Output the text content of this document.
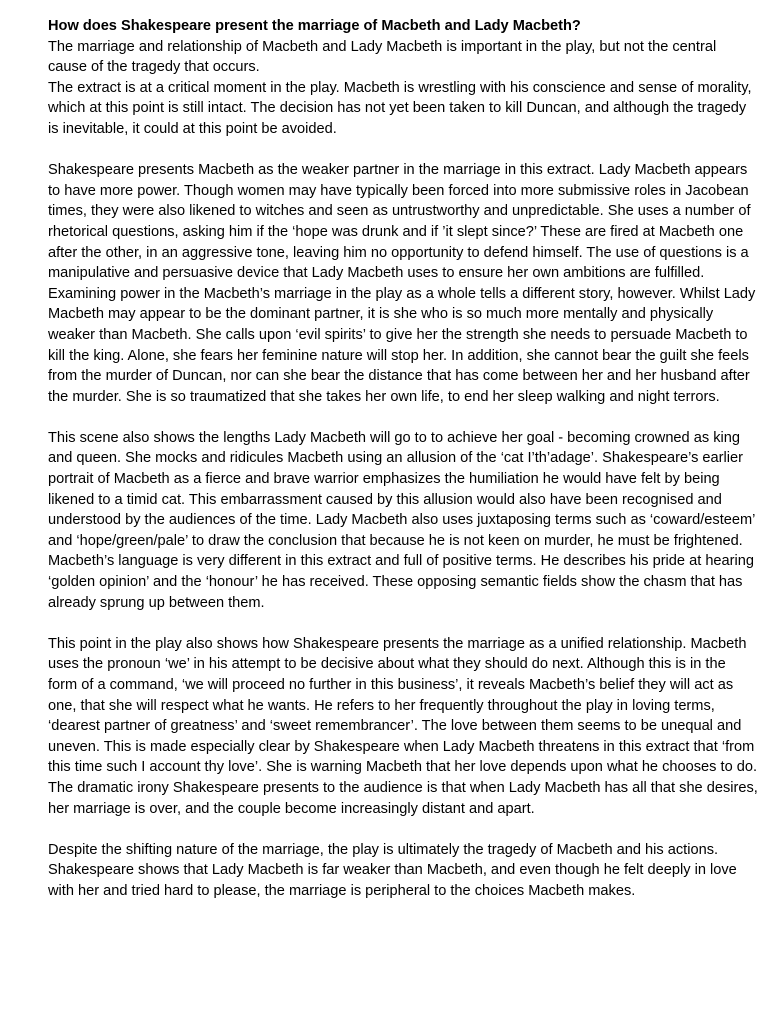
How does Shakespeare present the marriage of Macbeth and Lady Macbeth?

The marriage and relationship of Macbeth and Lady Macbeth is important in the play, but not the central cause of the tragedy that occurs.

The extract is at a critical moment in the play. Macbeth is wrestling with his conscience and sense of morality, which at this point is still intact. The decision has not yet been taken to kill Duncan, and although the tragedy is inevitable, it could at this point be avoided.

Shakespeare presents Macbeth as the weaker partner in the marriage in this extract. Lady Macbeth appears to have more power. Though women may have typically been forced into more submissive roles in Jacobean times, they were also likened to witches and seen as untrustworthy and unpredictable. She uses a number of rhetorical questions, asking him if the ‘hope was drunk and if ’it slept since?’ These are fired at Macbeth one after the other, in an aggressive tone, leaving him no opportunity to defend himself. The use of questions is a manipulative and persuasive device that Lady Macbeth uses to ensure her own ambitions are fulfilled. Examining power in the Macbeth’s marriage in the play as a whole tells a different story, however. Whilst Lady Macbeth may appear to be the dominant partner, it is she who is so much more mentally and physically weaker than Macbeth. She calls upon ‘evil spirits’ to give her the strength she needs to persuade Macbeth to kill the king. Alone, she fears her feminine nature will stop her. In addition, she cannot bear the guilt she feels from the murder of Duncan, nor can she bear the distance that has come between her and her husband after the murder. She is so traumatized that she takes her own life, to end her sleep walking and night terrors.

This scene also shows the lengths Lady Macbeth will go to to achieve her goal - becoming crowned as king and queen. She mocks and ridicules Macbeth using an allusion of the ‘cat I’th’adage’. Shakespeare’s earlier portrait of Macbeth as a fierce and brave warrior emphasizes the humiliation he would have felt by being likened to a timid cat. This embarrassment caused by this allusion would also have been recognised and understood by the audiences of the time. Lady Macbeth also uses juxtaposing terms such as ‘coward/esteem’ and ‘hope/green/pale’ to draw the conclusion that because he is not keen on murder, he must be frightened. Macbeth’s language is very different in this extract and full of positive terms. He describes his pride at hearing ‘golden opinion’ and the ‘honour’ he has received. These opposing semantic fields show the chasm that has already sprung up between them.

This point in the play also shows how Shakespeare presents the marriage as a unified relationship. Macbeth uses the pronoun ‘we’ in his attempt to be decisive about what they should do next. Although this is in the form of a command, ‘we will proceed no further in this business’, it reveals Macbeth’s belief they will act as one, that she will respect what he wants. He refers to her frequently throughout the play in loving terms, ‘dearest partner of greatness’ and ‘sweet remembrancer’. The love between them seems to be unequal and uneven. This is made especially clear by Shakespeare when Lady Macbeth threatens in this extract that ‘from this time such I account thy love’. She is warning Macbeth that her love depends upon what he chooses to do. The dramatic irony Shakespeare presents to the audience is that when Lady Macbeth has all that she desires, her marriage is over, and the couple become increasingly distant and apart.

Despite the shifting nature of the marriage, the play is ultimately the tragedy of Macbeth and his actions. Shakespeare shows that Lady Macbeth is far weaker than Macbeth, and even though he felt deeply in love with her and tried hard to please, the marriage is peripheral to the choices Macbeth makes.
